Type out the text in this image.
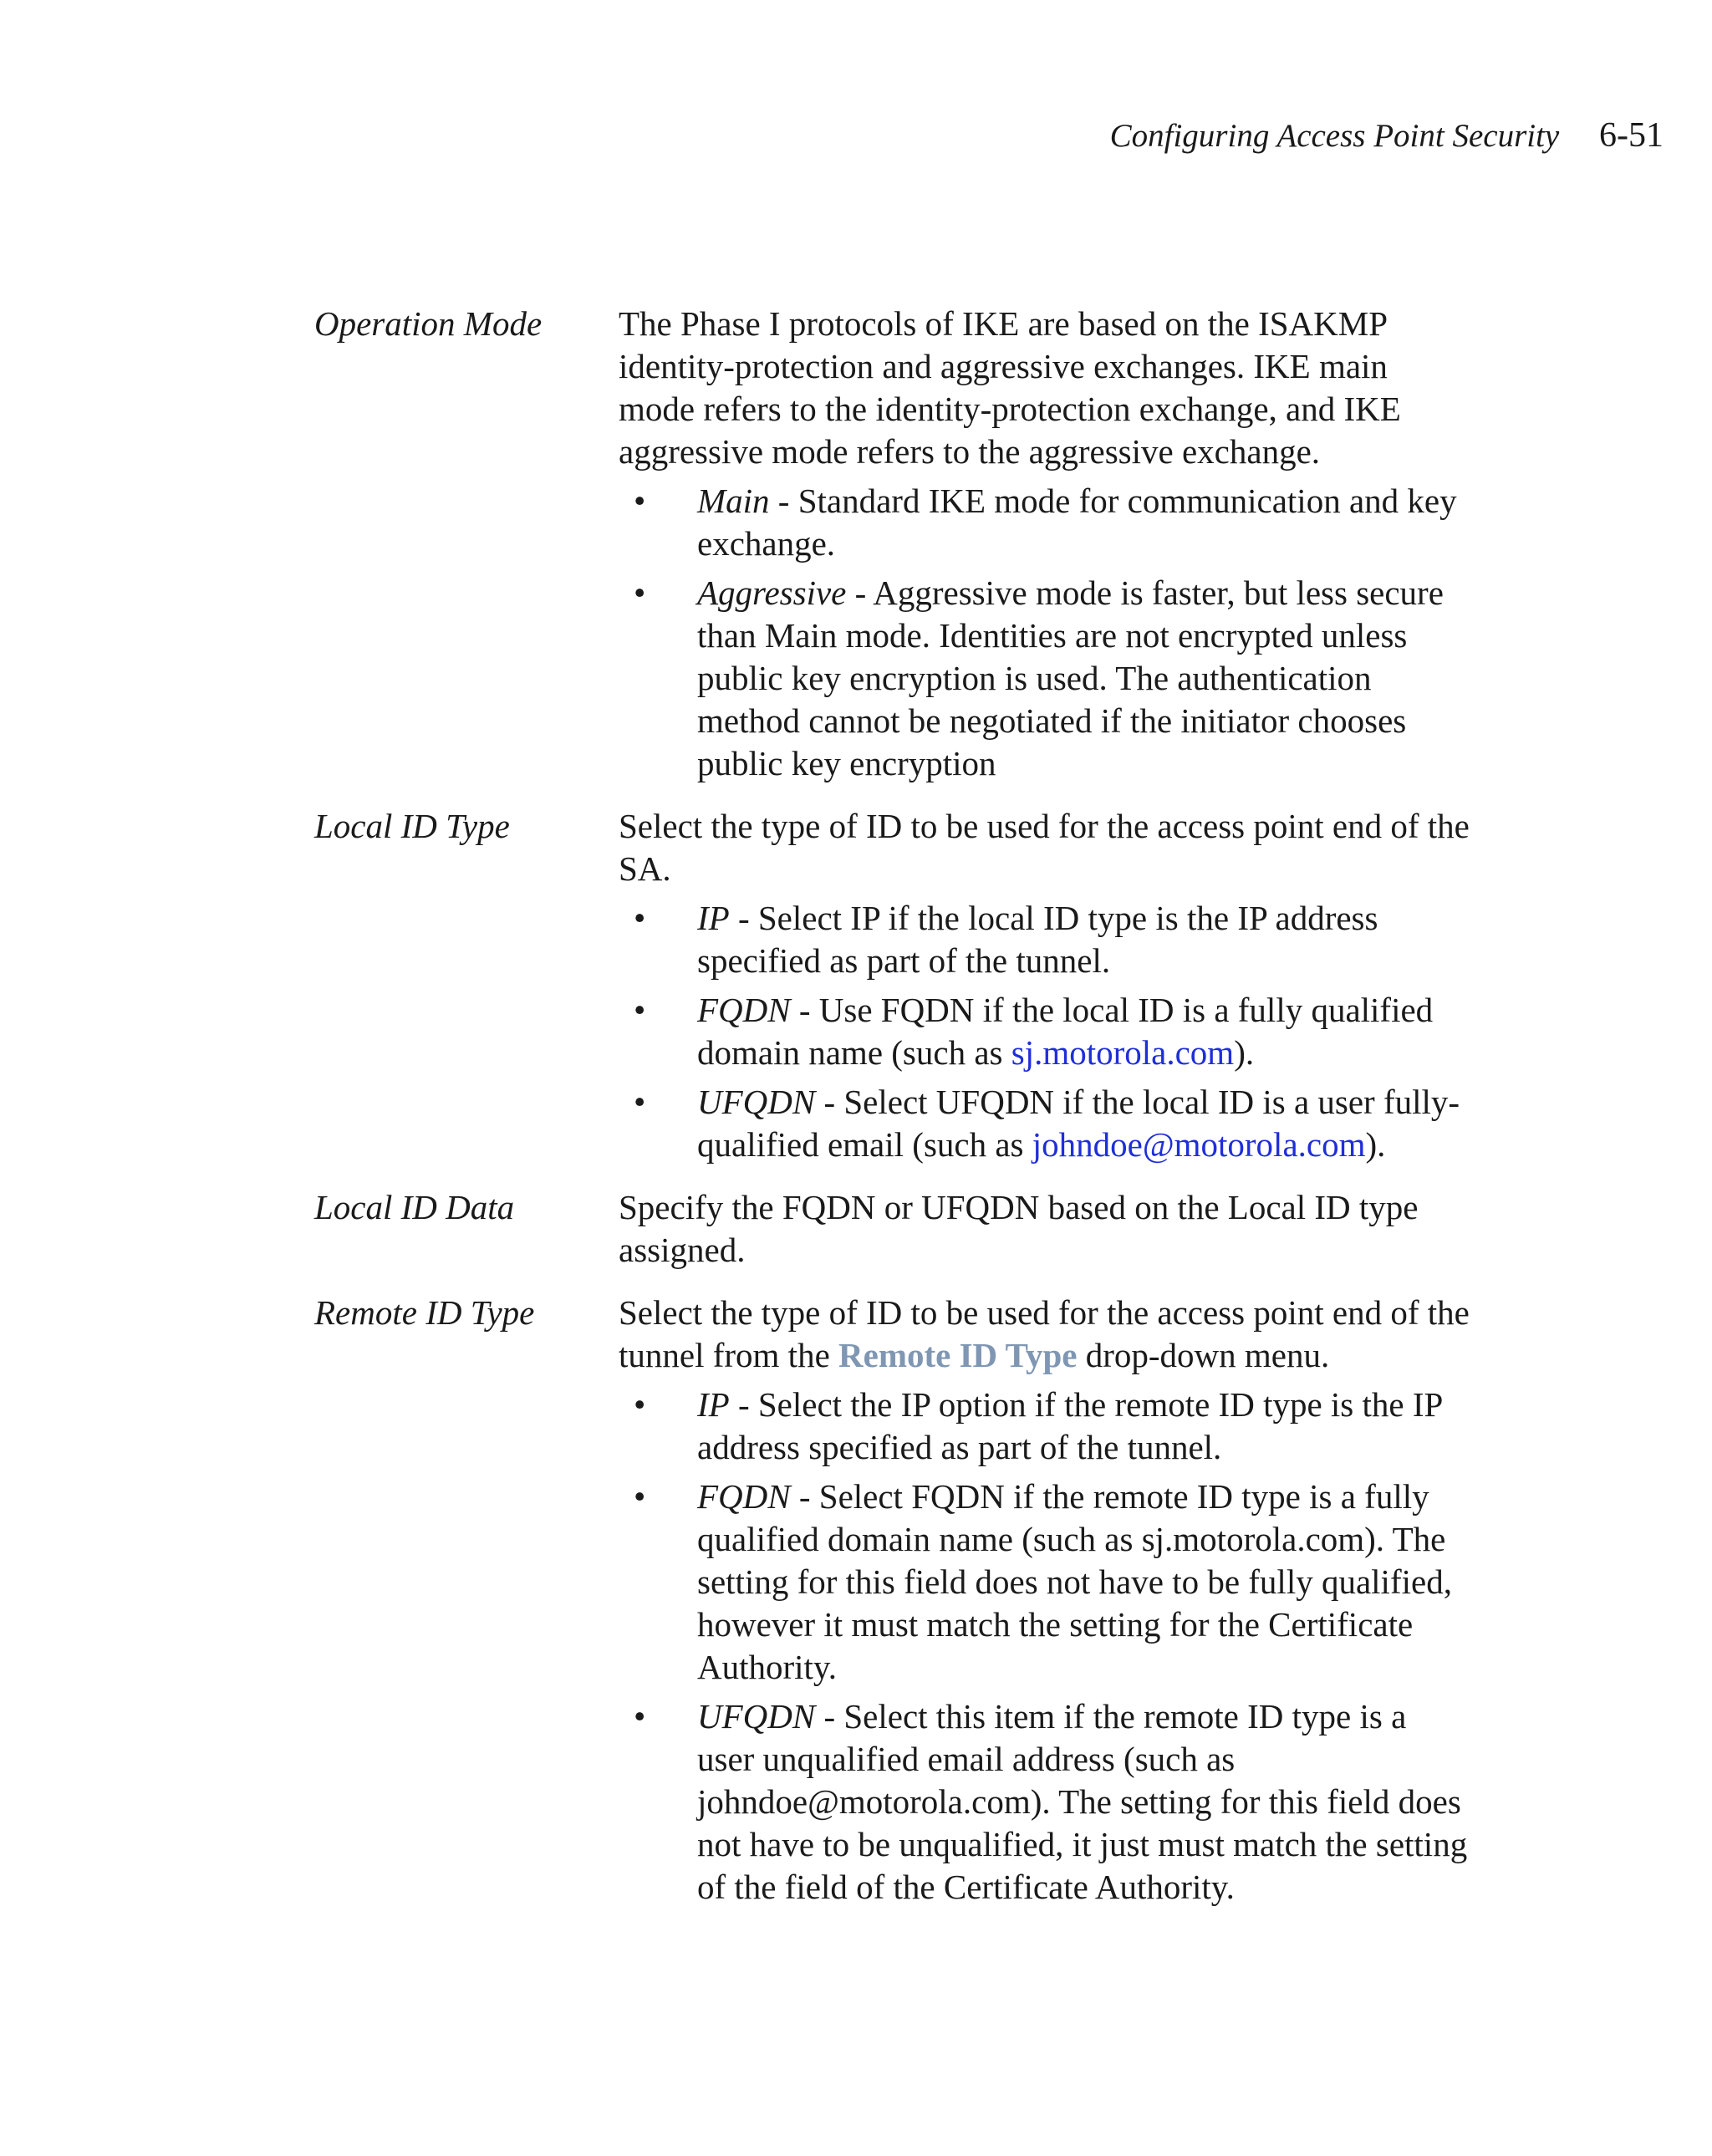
Configuring Access Point Security 6-51
Operation Mode	The Phase I protocols of IKE are based on the ISAKMP identity-protection and aggressive exchanges. IKE main mode refers to the identity-protection exchange, and IKE aggressive mode refers to the aggressive exchange.

• Main - Standard IKE mode for communication and key exchange.
• Aggressive - Aggressive mode is faster, but less secure than Main mode. Identities are not encrypted unless public key encryption is used. The authentication method cannot be negotiated if the initiator chooses public key encryption
Local ID Type	Select the type of ID to be used for the access point end of the SA.

• IP - Select IP if the local ID type is the IP address specified as part of the tunnel.
• FQDN - Use FQDN if the local ID is a fully qualified domain name (such as sj.motorola.com).
• UFQDN - Select UFQDN if the local ID is a user fully-qualified email (such as johndoe@motorola.com).
Local ID Data	Specify the FQDN or UFQDN based on the Local ID type assigned.

Remote ID Type	Select the type of ID to be used for the access point end of the tunnel from the Remote ID Type drop-down menu.

• IP - Select the IP option if the remote ID type is the IP address specified as part of the tunnel.
• FQDN - Select FQDN if the remote ID type is a fully qualified domain name (such as sj.motorola.com). The setting for this field does not have to be fully qualified, however it must match the setting for the Certificate Authority.
• UFQDN - Select this item if the remote ID type is a user unqualified email address (such as johndoe@motorola.com). The setting for this field does not have to be unqualified, it just must match the setting of the field of the Certificate Authority.
